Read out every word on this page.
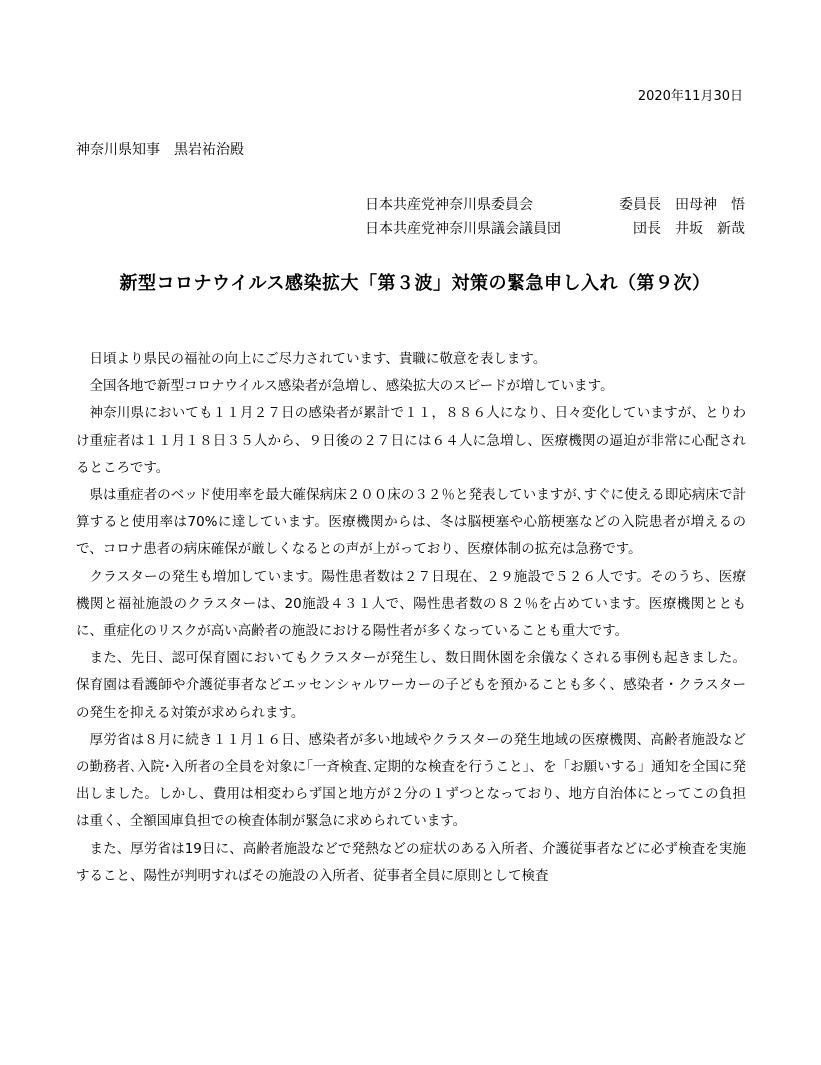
2020年11月30日
神奈川県知事　黒岩祐治殿
日本共産党神奈川県委員会	委員長　田母神　悟
日本共産党神奈川県議会議員団	団長　井坂　新哉
新型コロナウイルス感染拡大「第３波」対策の緊急申し入れ（第９次）

日頃より県民の福祉の向上にご尽力されています、貴職に敬意を表します。

全国各地で新型コロナウイルス感染者が急増し、感染拡大のスピードが増しています。

神奈川県においても１１月２７日の感染者が累計で１１，８８６人になり、日々変化していますが、とりわけ重症者は１１月１８日３５人から、９日後の２７日には６４人に急増し、医療機関の逼迫が非常に心配されるところです。

県は重症者のベッド使用率を最大確保病床２００床の３２％と発表していますが､すぐに使える即応病床で計算すると使用率は70%に達しています。医療機関からは、冬は脳梗塞や心筋梗塞などの入院患者が増えるので、コロナ患者の病床確保が厳しくなるとの声が上がっており、医療体制の拡充は急務です。

クラスターの発生も増加しています。陽性患者数は２７日現在、２９施設で５２６人です。そのうち、医療機関と福祉施設のクラスターは、20施設４３１人で、陽性患者数の８２％を占めています。医療機関とともに、重症化のリスクが高い高齢者の施設における陽性者が多くなっていることも重大です。

また、先日、認可保育園においてもクラスターが発生し、数日間休園を余儀なくされる事例も起きました。保育園は看護師や介護従事者などエッセンシャルワーカーの子どもを預かることも多く、感染者・クラスターの発生を抑える対策が求められます。

厚労省は８月に続き１１月１６日、感染者が多い地域やクラスターの発生地域の医療機関、高齢者施設などの勤務者､入院･入所者の全員を対象に｢一斉検査､定期的な検査を行うこと｣、を「お願いする」通知を全国に発出しました。しかし、費用は相変わらず国と地方が２分の１ずつとなっており、地方自治体にとってこの負担は重く、全額国庫負担での検査体制が緊急に求められています。

また、厚労省は19日に、高齢者施設などで発熱などの症状のある入所者、介護従事者などに必ず検査を実施すること、陽性が判明すればその施設の入所者、従事者全員に原則として検査
